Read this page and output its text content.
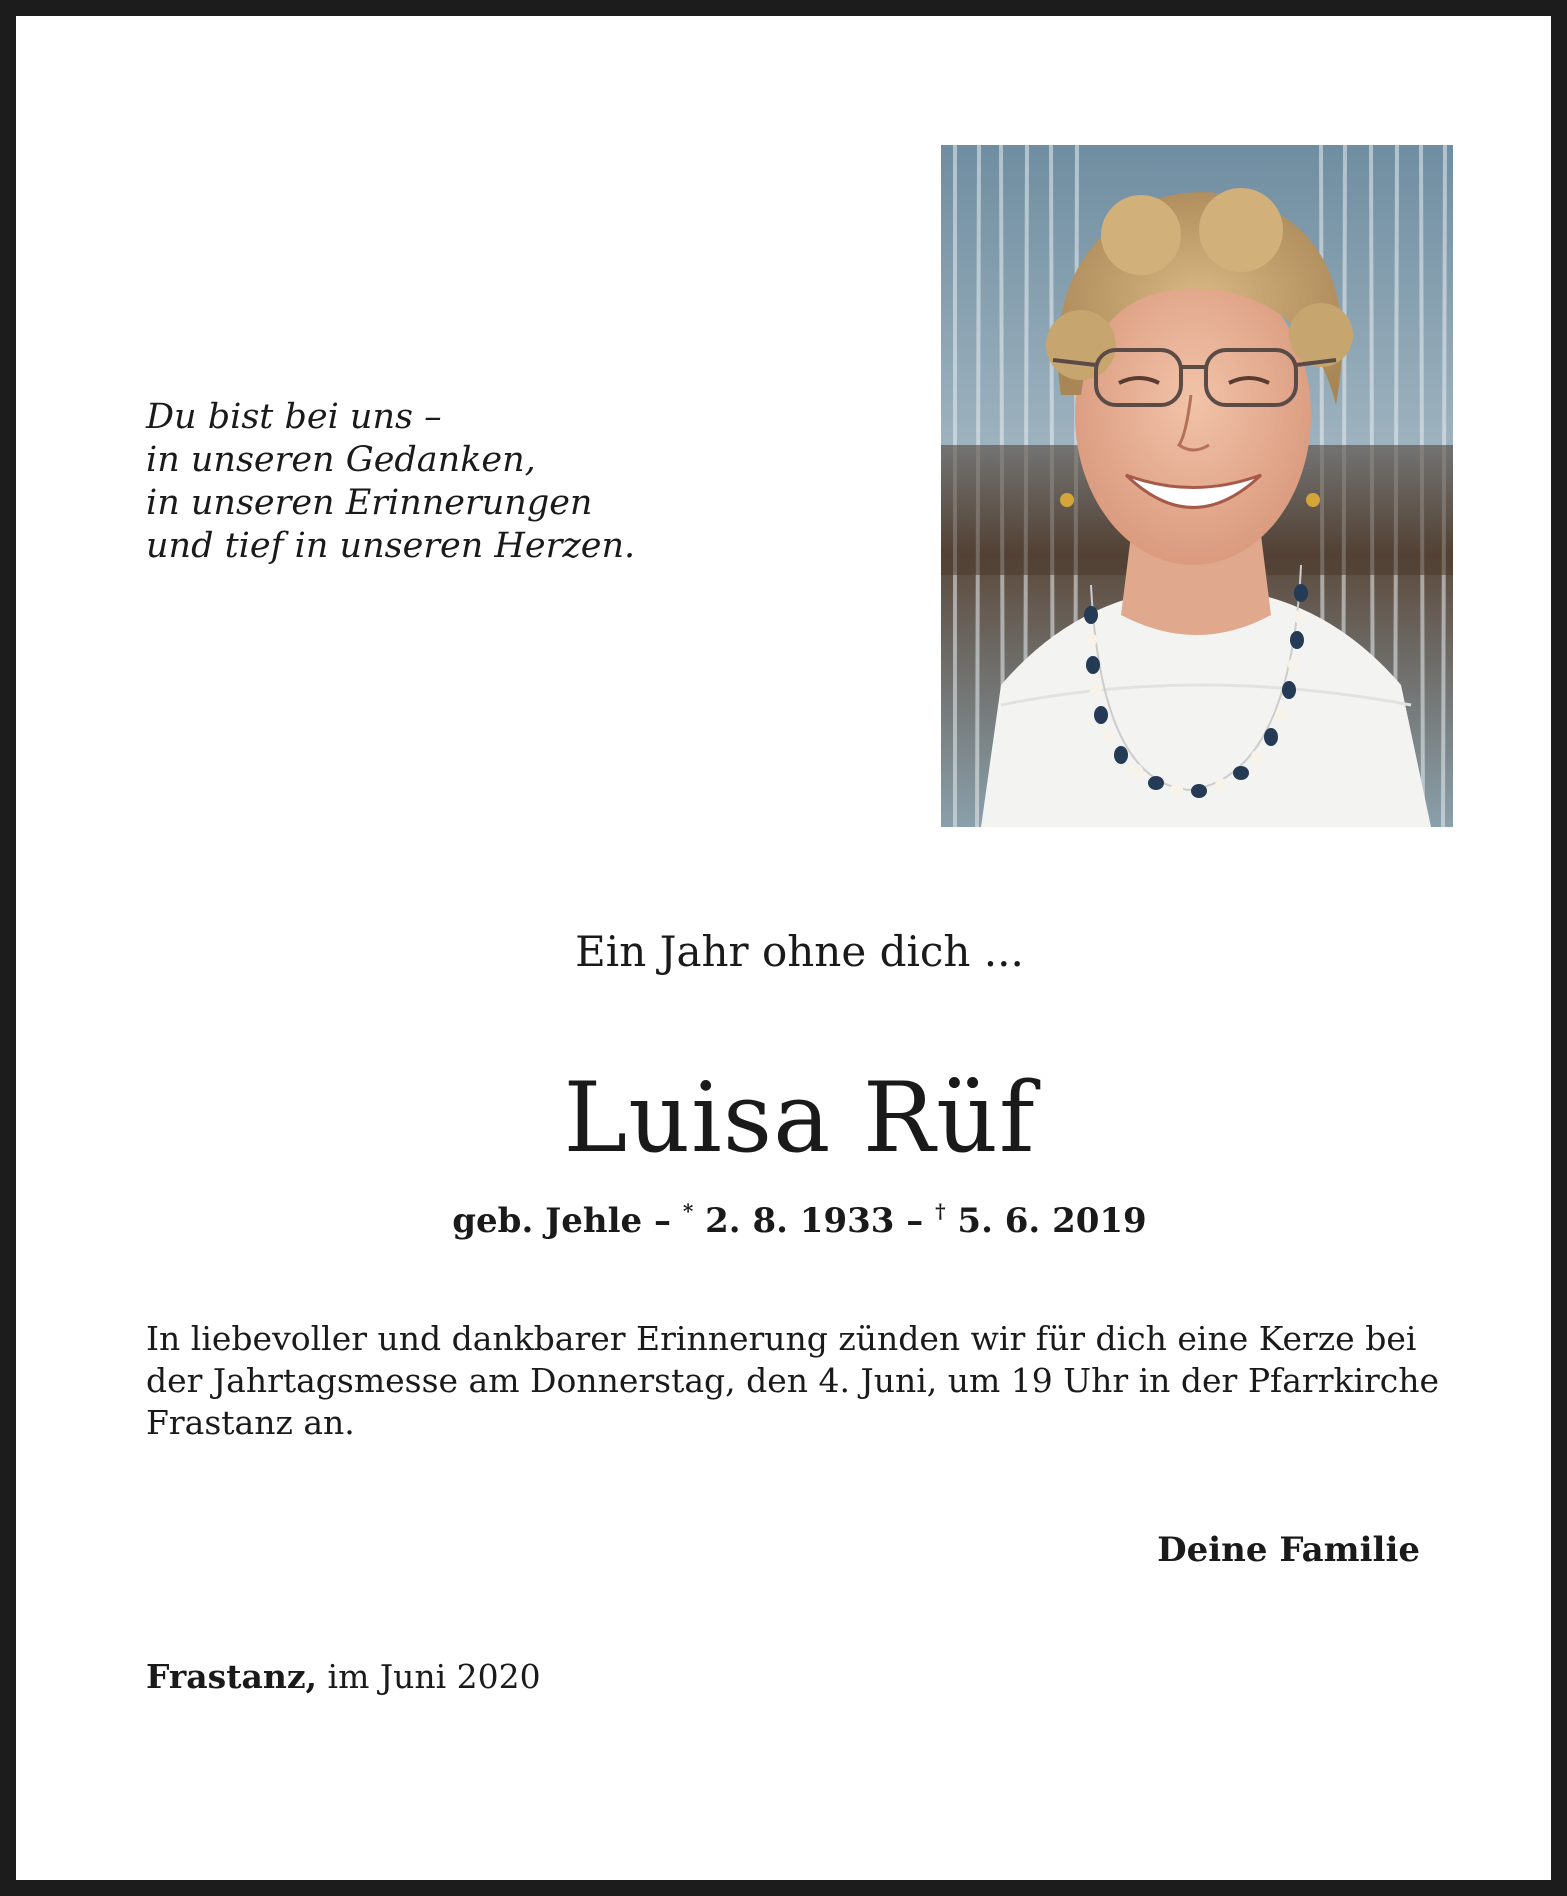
Du bist bei uns –
in unseren Gedanken,
in unseren Erinnerungen
und tief in unseren Herzen.
Ein Jahr ohne dich ...
Luisa Rüf
geb. Jehle – * 2. 8. 1933 – † 5. 6. 2019
In liebevoller und dankbarer Erinnerung zünden wir für dich eine Kerze bei
der Jahrtagsmesse am Donnerstag, den 4. Juni, um 19 Uhr in der Pfarrkirche
Frastanz an.
Deine Familie
Frastanz, im Juni 2020
